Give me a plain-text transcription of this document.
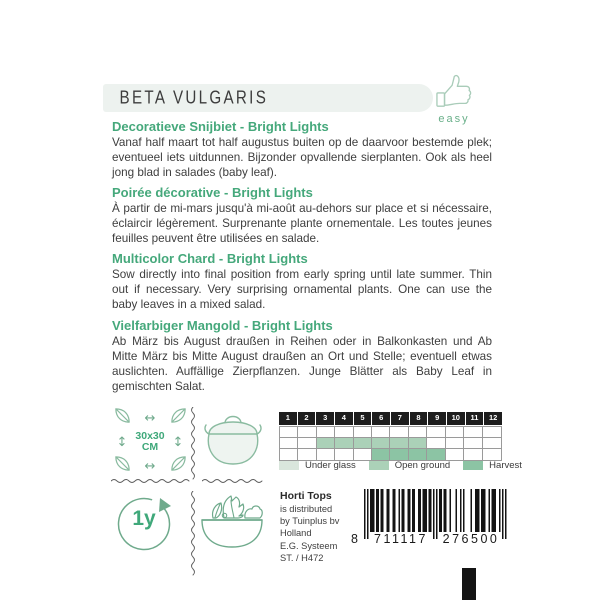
BETA VULGARIS
easy
Decoratieve Snijbiet - Bright Lights
Vanaf half maart tot half augustus buiten op de daarvoor bestemde plek; eventueel iets uitdunnen. Bijzonder opvallende sierplanten. Ook als heel jong blad in salades (baby leaf).
Poirée décorative - Bright Lights
À partir de mi-mars jusqu'à mi-août au-dehors sur place et si nécessaire, éclaircir légèrement. Surprenante plante ornementale. Les toutes jeunes feuilles peuvent être utilisées en salade.
Multicolor Chard - Bright Lights
Sow directly into final position from early spring until late summer. Thin out if necessary. Very surprising ornamental plants. One can use the baby leaves in a mixed salad.
Vielfarbiger Mangold - Bright Lights
Ab März bis August draußen in Reihen oder in Balkonkasten und Ab Mitte März bis Mitte August draußen an Ort und Stelle; eventuell etwas auslichten. Auffällige Zierpflanzen. Junge Blätter als Baby Leaf in gemischten Salat.
↔
↕ 30x30
CM	↕
↔
1	2	3	4	5	6	7	8	9	10	11	12
Under glass	Open ground	Harvest
1y
Horti Tops
is distributed
by Tuinplus bv
Holland
E.G. Systeem
ST. / H472
8	711117	276500
